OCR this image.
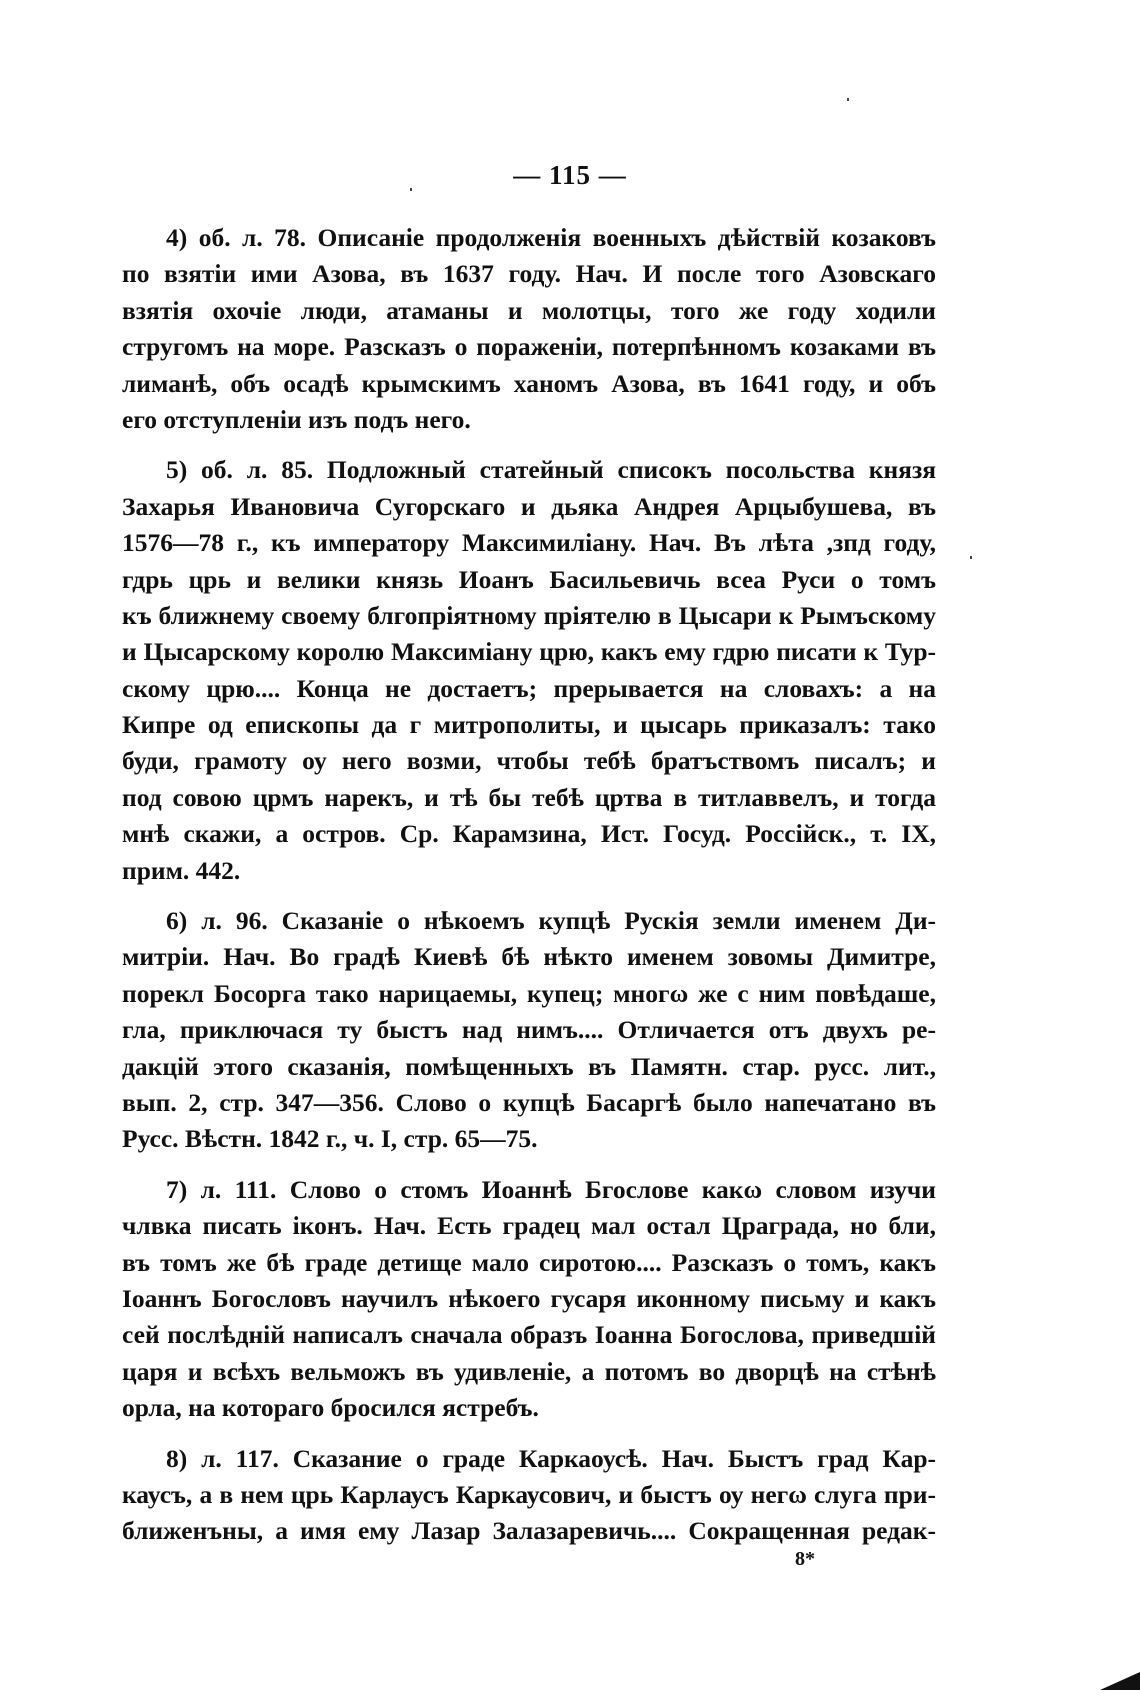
— 115 —
4) об. л. 78. Описаніе продолженія военныхъ дѣйствій козаковъ
по взятіи ими Азова, въ 1637 году. Нач. И после того Азовскаго
взятія охочіе люди, атаманы и молотцы, того же году ходили
стругомъ на море. Разсказъ о пораженіи, потерпѣнномъ козаками въ
лиманѣ, объ осадѣ крымскимъ ханомъ Азова, въ 1641 году, и объ
его отступленіи изъ подъ него.
5) об. л. 85. Подложный статейный списокъ посольства князя
Захарья Ивановича Сугорскаго и дьяка Андрея Арцыбушева, въ
1576—78 г., къ императору Максимиліану. Нач. Въ лѣта ,зпд году,
гдрь црь и велики князь Иоанъ Басильевичь всеа Руси о томъ
къ ближнему своему блгопріятному пріятелю в Цысари к Рымъскому
и Цысарскому королю Максиміану црю, какъ ему гдрю писати к Тур-
скому црю.... Конца не достаетъ; прерывается на словахъ: а на
Кипре од епископы да г митрополиты, и цысарь приказалъ: тако
буди, грамоту оу него возми, чтобы тебѣ братъствомъ писалъ; и
под совою црмъ нарекъ, и тѣ бы тебѣ цртва в титлаввелъ, и тогда
мнѣ скажи, а остров. Ср. Карамзина, Ист. Госуд. Россійск., т. IX,
прим. 442.
6) л. 96. Сказаніе о нѣкоемъ купцѣ Рускія земли именем Ди-
митріи. Нач. Во градѣ Киевѣ бѣ нѣкто именем зовомы Димитре,
порекл Босорга тако нарицаемы, купец; многω же с ним повѣдаше,
гла, приключася ту быстъ над нимъ.... Отличается отъ двухъ ре-
дакцій этого сказанія, помѣщенныхъ въ Памятн. стар. русс. лит.,
вып. 2, стр. 347—356. Слово о купцѣ Басаргѣ было напечатано въ
Русс. Вѣстн. 1842 г., ч. I, стр. 65—75.
7) л. 111. Слово о стомъ Иоаннѣ Бгослове какω словом изучи
члвка писать іконъ. Нач. Есть градец мал остал Цраграда, но бли,
въ томъ же бѣ граде детище мало сиротою.... Разсказъ о томъ, какъ
Іоаннъ Богословъ научилъ нѣкоего гусаря иконному письму и какъ
сей послѣдній написалъ сначала образъ Іоанна Богослова, приведшій
царя и всѣхъ вельможъ въ удивленіе, а потомъ во дворцѣ на стѣнѣ
орла, на котораго бросился ястребъ.
8) л. 117. Сказание о граде Каркаоусѣ. Нач. Быстъ град Кар-
каусъ, а в нем црь Карлаусъ Каркаусович, и быстъ оу негω слуга при-
ближенъны, а имя ему Лазар Залазаревичь.... Сокращенная редак-
8*
